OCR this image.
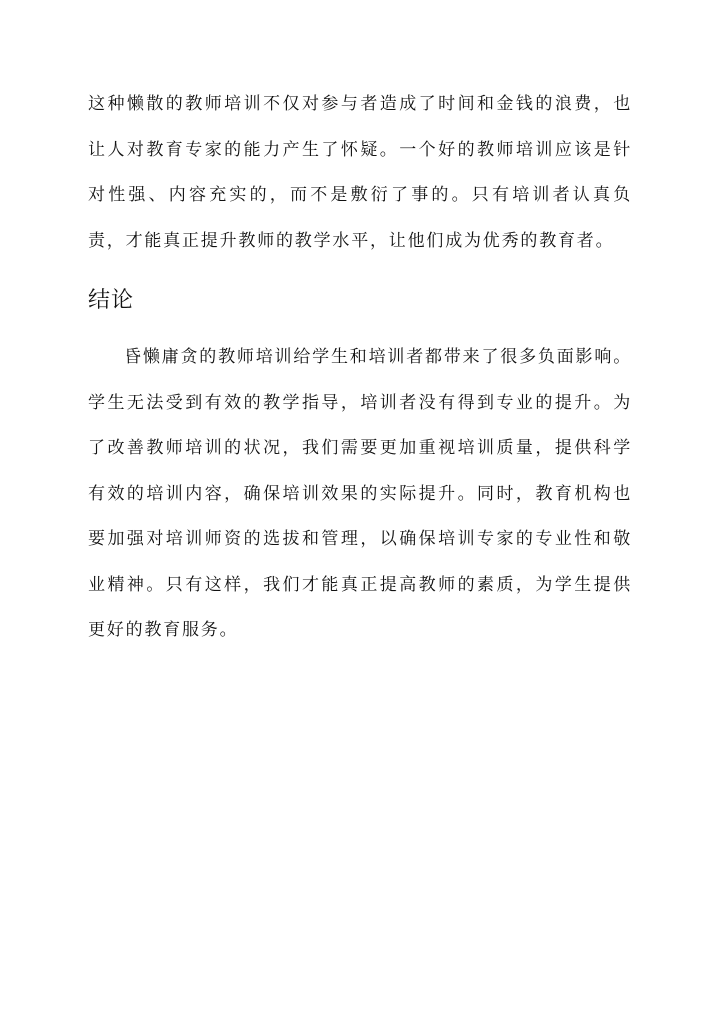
这种懒散的教师培训不仅对参与者造成了时间和金钱的浪费，也让人对教育专家的能力产生了怀疑。一个好的教师培训应该是针对性强、内容充实的，而不是敷衍了事的。只有培训者认真负责，才能真正提升教师的教学水平，让他们成为优秀的教育者。

结论

昏懒庸贪的教师培训给学生和培训者都带来了很多负面影响。学生无法受到有效的教学指导，培训者没有得到专业的提升。为了改善教师培训的状况，我们需要更加重视培训质量，提供科学有效的培训内容，确保培训效果的实际提升。同时，教育机构也要加强对培训师资的选拔和管理，以确保培训专家的专业性和敬业精神。只有这样，我们才能真正提高教师的素质，为学生提供更好的教育服务。
